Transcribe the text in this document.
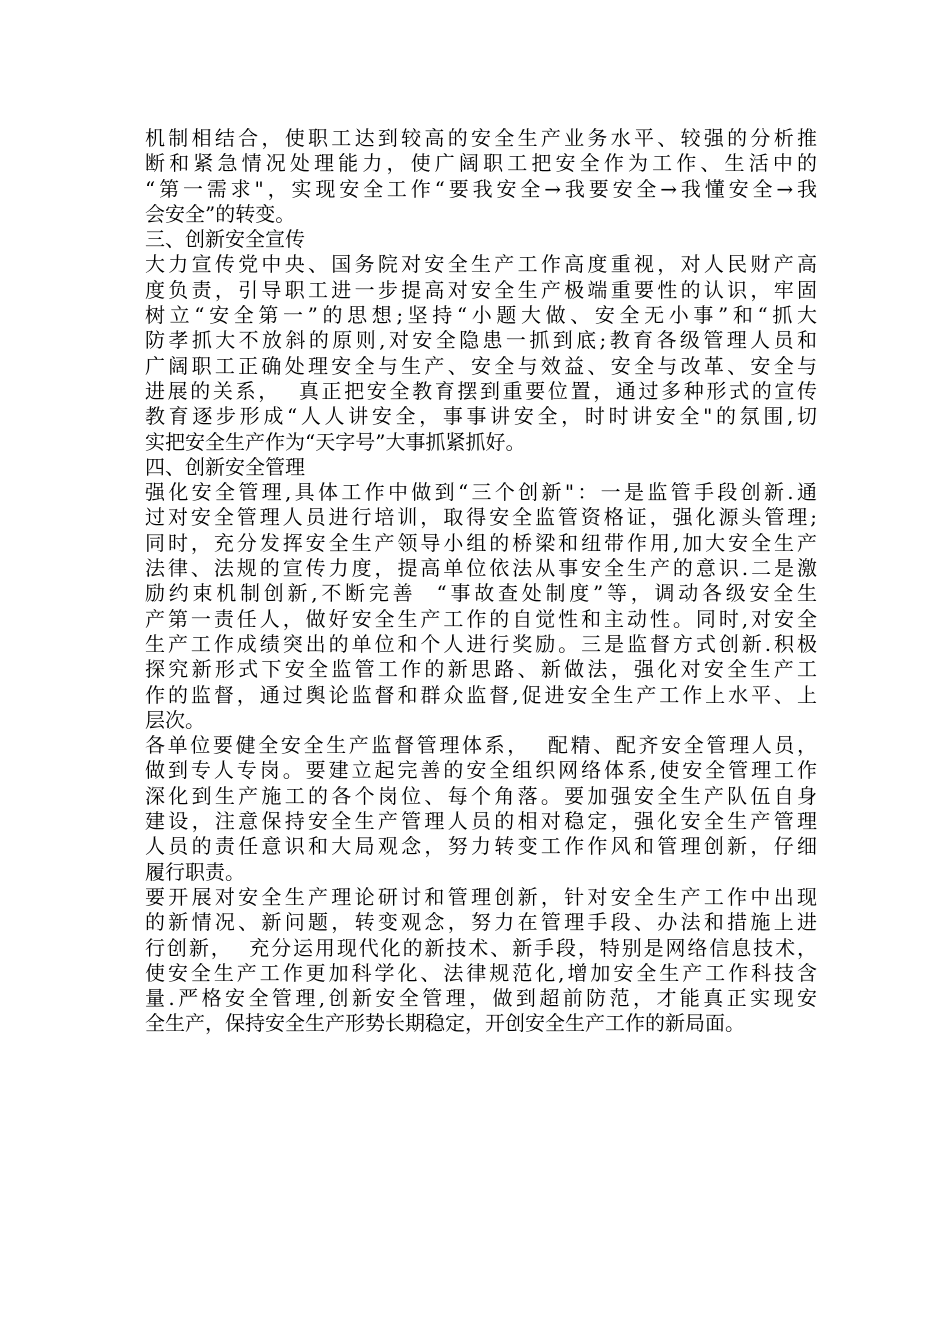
机制相结合，使职工达到较高的安全生产业务水平、较强的分析推
断和紧急情况处理能力，使广阔职工把安全作为工作、生活中的
“第一需求"，实现安全工作“要我安全→我要安全→我懂安全→我
会安全”的转变。
三、创新安全宣传
大力宣传党中央、国务院对安全生产工作高度重视，对人民财产高
度负责，引导职工进一步提高对安全生产极端重要性的认识，牢固
树立“安全第一”的思想;坚持“小题大做、安全无小事”和“抓大
防孝抓大不放斜的原则,对安全隐患一抓到底;教育各级管理人员和
广阔职工正确处理安全与生产、安全与效益、安全与改革、安全与
进展的关系，  真正把安全教育摆到重要位置，通过多种形式的宣传
教育逐步形成“人人讲安全，事事讲安全，时时讲安全"的氛围,切
实把安全生产作为“天字号”大事抓紧抓好。
四、创新安全管理
强化安全管理,具体工作中做到“三个创新"：一是监管手段创新.通
过对安全管理人员进行培训，取得安全监管资格证，强化源头管理;
同时，充分发挥安全生产领导小组的桥梁和纽带作用,加大安全生产
法律、法规的宣传力度，提高单位依法从事安全生产的意识.二是激
励约束机制创新,不断完善  “事故查处制度”等，调动各级安全生
产第一责任人，做好安全生产工作的自觉性和主动性。同时,对安全
生产工作成绩突出的单位和个人进行奖励。三是监督方式创新.积极
探究新形式下安全监管工作的新思路、新做法，强化对安全生产工
作的监督，通过舆论监督和群众监督,促进安全生产工作上水平、上
层次。
各单位要健全安全生产监督管理体系，  配精、配齐安全管理人员，
做到专人专岗。要建立起完善的安全组织网络体系,使安全管理工作
深化到生产施工的各个岗位、每个角落。要加强安全生产队伍自身
建设，注意保持安全生产管理人员的相对稳定，强化安全生产管理
人员的责任意识和大局观念，努力转变工作作风和管理创新，仔细
履行职责。
要开展对安全生产理论研讨和管理创新，针对安全生产工作中出现
的新情况、新问题，转变观念，努力在管理手段、办法和措施上进
行创新，  充分运用现代化的新技术、新手段，特别是网络信息技术，
使安全生产工作更加科学化、法律规范化,增加安全生产工作科技含
量.严格安全管理,创新安全管理，做到超前防范，才能真正实现安
全生产，保持安全生产形势长期稳定，开创安全生产工作的新局面。
